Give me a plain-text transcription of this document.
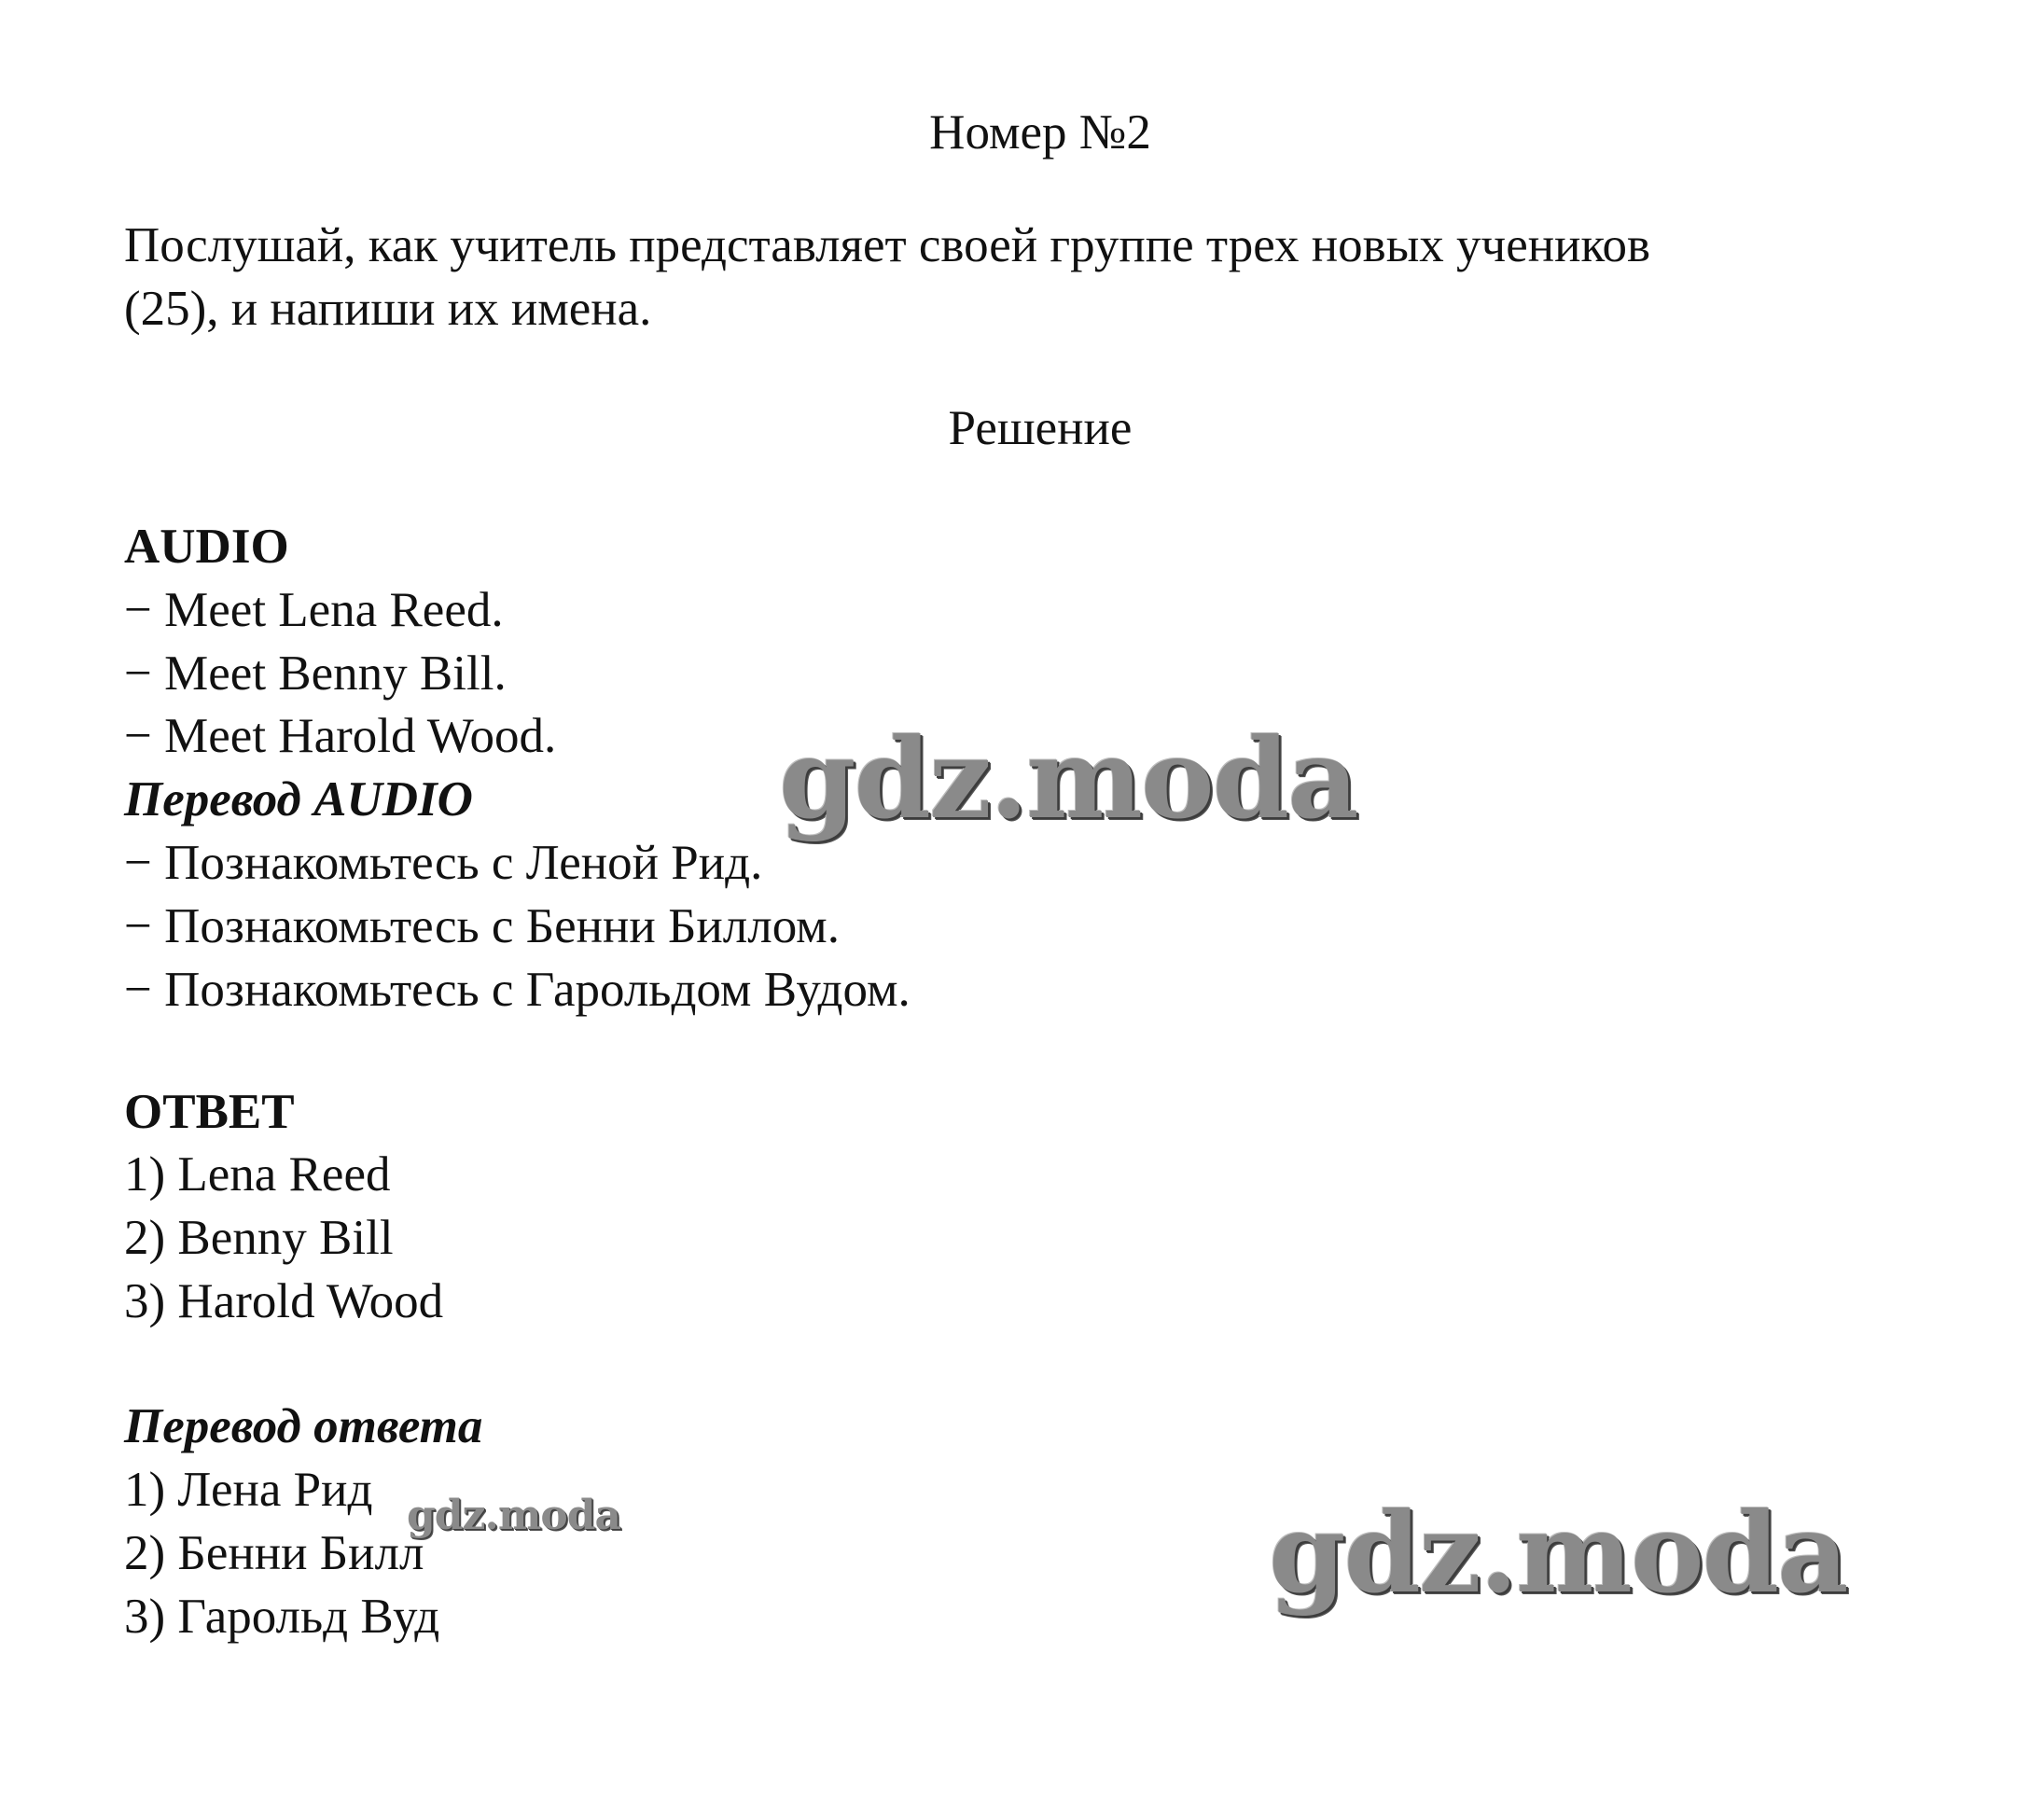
Номер №2
Послушай, как учитель представляет своей группе трех новых учеников
(25), и напиши их имена.
Решение
AUDIO
− Meet Lena Reed.
− Meet Benny Bill.
− Meet Harold Wood.
Перевод AUDIO
− Познакомьтесь с Леной Рид.
− Познакомьтесь с Бенни Биллом.
− Познакомьтесь с Гарольдом Вудом.
ОТВЕТ
1) Lena Reed
2) Benny Bill
3) Harold Wood
Перевод ответа
1) Лена Рид
2) Бенни Билл
3) Гарольд Вуд
gdz.moda
gdz.moda	gdz.moda
